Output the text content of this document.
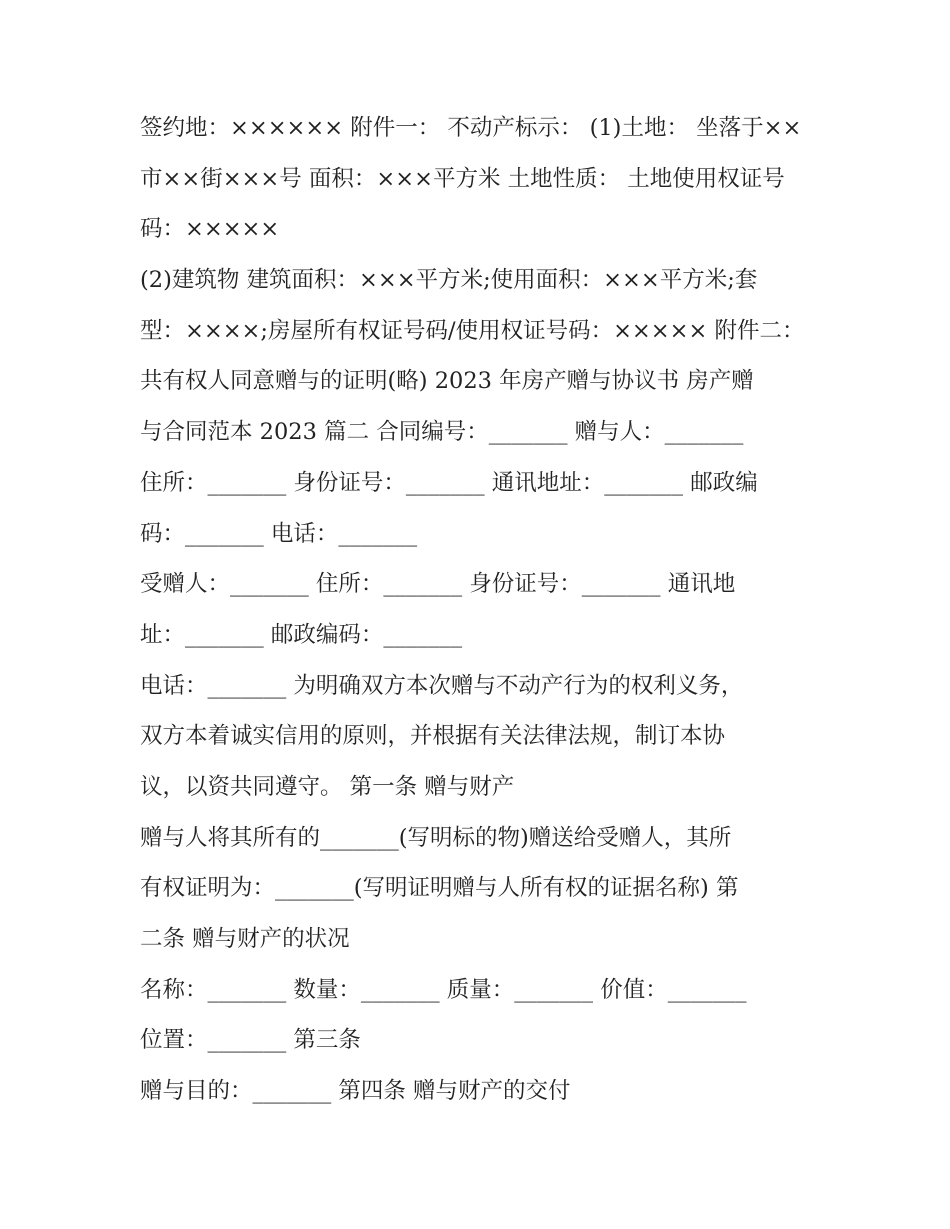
签约地：×××××× 附件一： 不动产标示： (1)土地： 坐落于××
市××街×××号 面积：×××平方米 土地性质： 土地使用权证号
码：×××××
(2)建筑物 建筑面积：×××平方米;使用面积：×××平方米;套
型：××××;房屋所有权证号码/使用权证号码：××××× 附件二：
共有权人同意赠与的证明(略) 2023 年房产赠与协议书 房产赠
与合同范本 2023 篇二 合同编号：_______ 赠与人：_______
住所：_______ 身份证号：_______ 通讯地址：_______ 邮政编
码：_______ 电话：_______
受赠人：_______ 住所：_______ 身份证号：_______ 通讯地
址：_______ 邮政编码：_______
电话：_______ 为明确双方本次赠与不动产行为的权利义务，
双方本着诚实信用的原则，并根据有关法律法规，制订本协
议，以资共同遵守。 第一条 赠与财产
赠与人将其所有的_______(写明标的物)赠送给受赠人，其所
有权证明为：_______(写明证明赠与人所有权的证据名称) 第
二条 赠与财产的状况
名称：_______ 数量：_______ 质量：_______ 价值：_______
位置：_______ 第三条
赠与目的：_______ 第四条 赠与财产的交付
